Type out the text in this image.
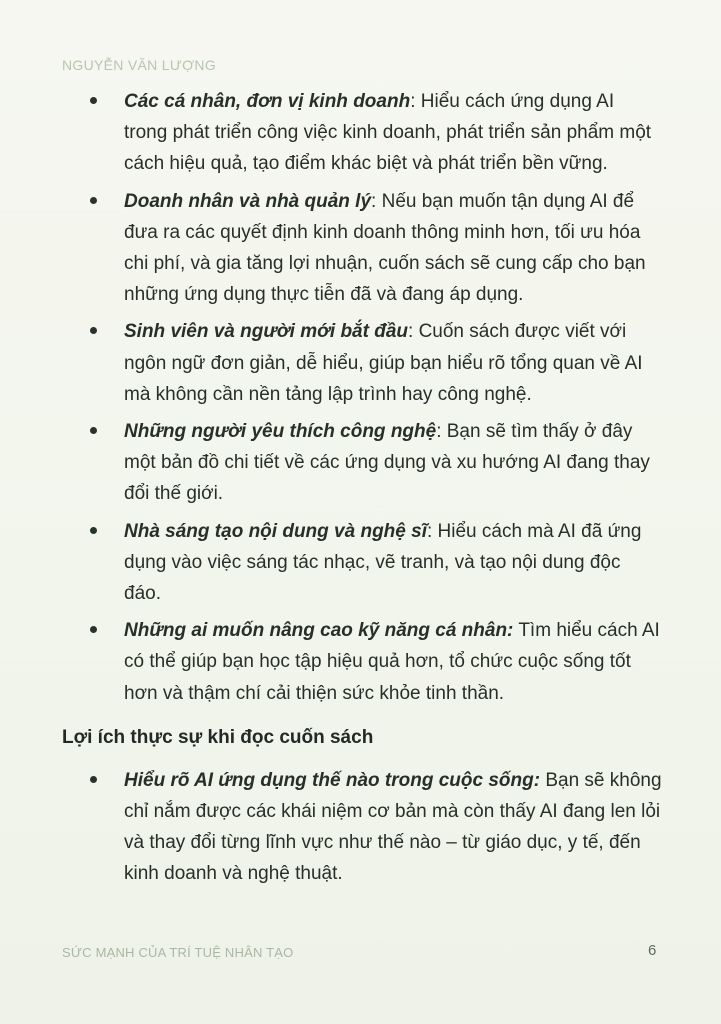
NGUYỄN VĂN LƯỢNG
Các cá nhân, đơn vị kinh doanh: Hiểu cách ứng dụng AI trong phát triển công việc kinh doanh, phát triển sản phẩm một cách hiệu quả, tạo điểm khác biệt và phát triển bền vững.
Doanh nhân và nhà quản lý: Nếu bạn muốn tận dụng AI để đưa ra các quyết định kinh doanh thông minh hơn, tối ưu hóa chi phí, và gia tăng lợi nhuận, cuốn sách sẽ cung cấp cho bạn những ứng dụng thực tiễn đã và đang áp dụng.
Sinh viên và người mới bắt đầu: Cuốn sách được viết với ngôn ngữ đơn giản, dễ hiểu, giúp bạn hiểu rõ tổng quan về AI mà không cần nền tảng lập trình hay công nghệ.
Những người yêu thích công nghệ: Bạn sẽ tìm thấy ở đây một bản đồ chi tiết về các ứng dụng và xu hướng AI đang thay đổi thế giới.
Nhà sáng tạo nội dung và nghệ sĩ: Hiểu cách mà AI đã ứng dụng vào việc sáng tác nhạc, vẽ tranh, và tạo nội dung độc đáo.
Những ai muốn nâng cao kỹ năng cá nhân: Tìm hiểu cách AI có thể giúp bạn học tập hiệu quả hơn, tổ chức cuộc sống tốt hơn và thậm chí cải thiện sức khỏe tinh thần.
Lợi ích thực sự khi đọc cuốn sách
Hiểu rõ AI ứng dụng thế nào trong cuộc sống: Bạn sẽ không chỉ nắm được các khái niệm cơ bản mà còn thấy AI đang len lỏi và thay đổi từng lĩnh vực như thế nào – từ giáo dục, y tế, đến kinh doanh và nghệ thuật.
SỨC MẠNH CỦA TRÍ TUỆ NHÂN TẠO	6
